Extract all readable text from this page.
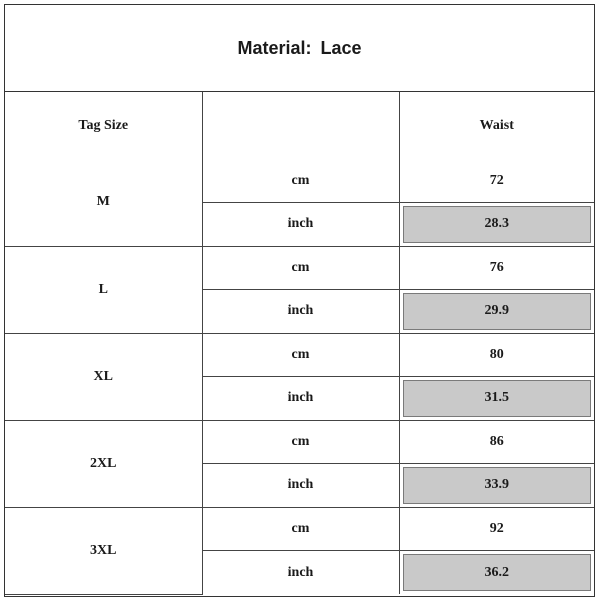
Material: Lace
Tag Size		Waist
M	cm	72
	inch	28.3

L	cm	76
	inch	29.9

XL	cm	80
	inch	31.5

2XL	cm	86
	inch	33.9

3XL	cm	92
	inch	36.2
